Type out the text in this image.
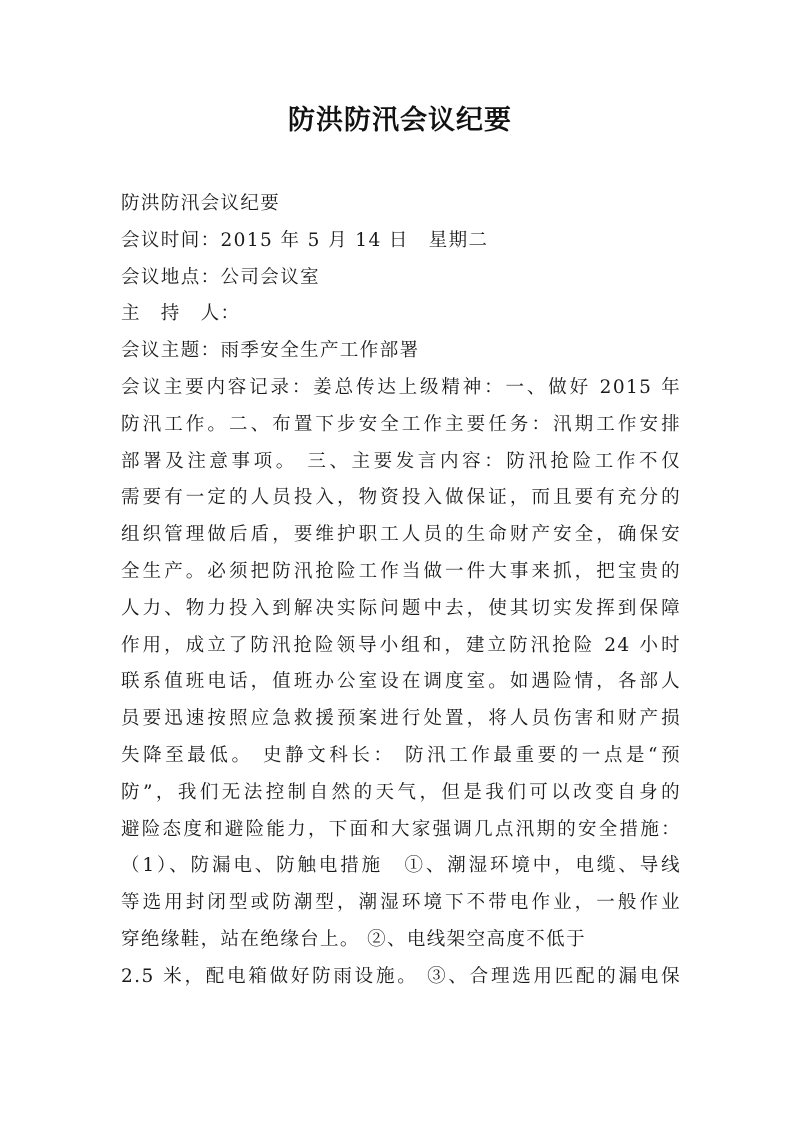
防洪防汛会议纪要
防洪防汛会议纪要
会议时间：2015 年 5 月 14 日　星期二
会议地点：公司会议室
主　持　人：
会议主题：雨季安全生产工作部署
会议主要内容记录：姜总传达上级精神：一、做好 2015 年
防汛工作。二、布置下步安全工作主要任务：汛期工作安排
部署及注意事项。 三、主要发言内容：防汛抢险工作不仅
需要有一定的人员投入，物资投入做保证，而且要有充分的
组织管理做后盾，要维护职工人员的生命财产安全，确保安
全生产。必须把防汛抢险工作当做一件大事来抓，把宝贵的
人力、物力投入到解决实际问题中去，使其切实发挥到保障
作用，成立了防汛抢险领导小组和，建立防汛抢险 24 小时
联系值班电话，值班办公室设在调度室。如遇险情，各部人
员要迅速按照应急救援预案进行处置，将人员伤害和财产损
失降至最低。 史静文科长： 防汛工作最重要的一点是“预
防”，我们无法控制自然的天气，但是我们可以改变自身的
避险态度和避险能力，下面和大家强调几点汛期的安全措施：
（1）、防漏电、防触电措施　①、潮湿环境中，电缆、导线
等选用封闭型或防潮型，潮湿环境下不带电作业，一般作业
穿绝缘鞋，站在绝缘台上。 ②、电线架空高度不低于
2.5 米，配电箱做好防雨设施。 ③、合理选用匹配的漏电保
